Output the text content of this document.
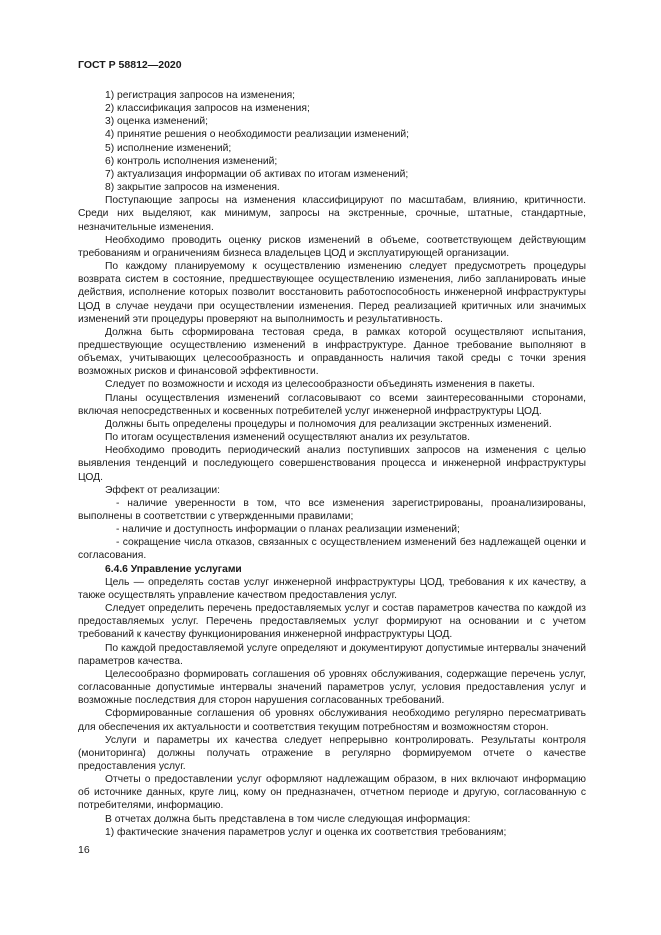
ГОСТ Р 58812—2020

1) регистрация запросов на изменения;

2) классификация запросов на изменения;

3) оценка изменений;

4) принятие решения о необходимости реализации изменений;

5) исполнение изменений;

6) контроль исполнения изменений;

7) актуализация информации об активах по итогам изменений;

8) закрытие запросов на изменения.

Поступающие запросы на изменения классифицируют по масштабам, влиянию, критичности. Среди них выделяют, как минимум, запросы на экстренные, срочные, штатные, стандартные, незначительные изменения.

Необходимо проводить оценку рисков изменений в объеме, соответствующем действующим требованиям и ограничениям бизнеса владельцев ЦОД и эксплуатирующей организации.

По каждому планируемому к осуществлению изменению следует предусмотреть процедуры возврата систем в состояние, предшествующее осуществлению изменения, либо запланировать иные действия, исполнение которых позволит восстановить работоспособность инженерной инфраструктуры ЦОД в случае неудачи при осуществлении изменения. Перед реализацией критичных или значимых изменений эти процедуры проверяют на выполнимость и результативность.

Должна быть сформирована тестовая среда, в рамках которой осуществляют испытания, предшествующие осуществлению изменений в инфраструктуре. Данное требование выполняют в объемах, учитывающих целесообразность и оправданность наличия такой среды с точки зрения возможных рисков и финансовой эффективности.

Следует по возможности и исходя из целесообразности объединять изменения в пакеты.

Планы осуществления изменений согласовывают со всеми заинтересованными сторонами, включая непосредственных и косвенных потребителей услуг инженерной инфраструктуры ЦОД.

Должны быть определены процедуры и полномочия для реализации экстренных изменений.

По итогам осуществления изменений осуществляют анализ их результатов.

Необходимо проводить периодический анализ поступивших запросов на изменения с целью выявления тенденций и последующего совершенствования процесса и инженерной инфраструктуры ЦОД.

Эффект от реализации:

- наличие уверенности в том, что все изменения зарегистрированы, проанализированы, выполнены в соответствии с утвержденными правилами;

- наличие и доступность информации о планах реализации изменений;

- сокращение числа отказов, связанных с осуществлением изменений без надлежащей оценки и согласования.

6.4.6 Управление услугами

Цель — определять состав услуг инженерной инфраструктуры ЦОД, требования к их качеству, а также осуществлять управление качеством предоставления услуг.

Следует определить перечень предоставляемых услуг и состав параметров качества по каждой из предоставляемых услуг. Перечень предоставляемых услуг формируют на основании и с учетом требований к качеству функционирования инженерной инфраструктуры ЦОД.

По каждой предоставляемой услуге определяют и документируют допустимые интервалы значений параметров качества.

Целесообразно формировать соглашения об уровнях обслуживания, содержащие перечень услуг, согласованные допустимые интервалы значений параметров услуг, условия предоставления услуг и возможные последствия для сторон нарушения согласованных требований.

Сформированные соглашения об уровнях обслуживания необходимо регулярно пересматривать для обеспечения их актуальности и соответствия текущим потребностям и возможностям сторон.

Услуги и параметры их качества следует непрерывно контролировать. Результаты контроля (мониторинга) должны получать отражение в регулярно формируемом отчете о качестве предоставления услуг.

Отчеты о предоставлении услуг оформляют надлежащим образом, в них включают информацию об источнике данных, круге лиц, кому он предназначен, отчетном периоде и другую, согласованную с потребителями, информацию.

В отчетах должна быть представлена в том числе следующая информация:

1) фактические значения параметров услуг и оценка их соответствия требованиям;

16
